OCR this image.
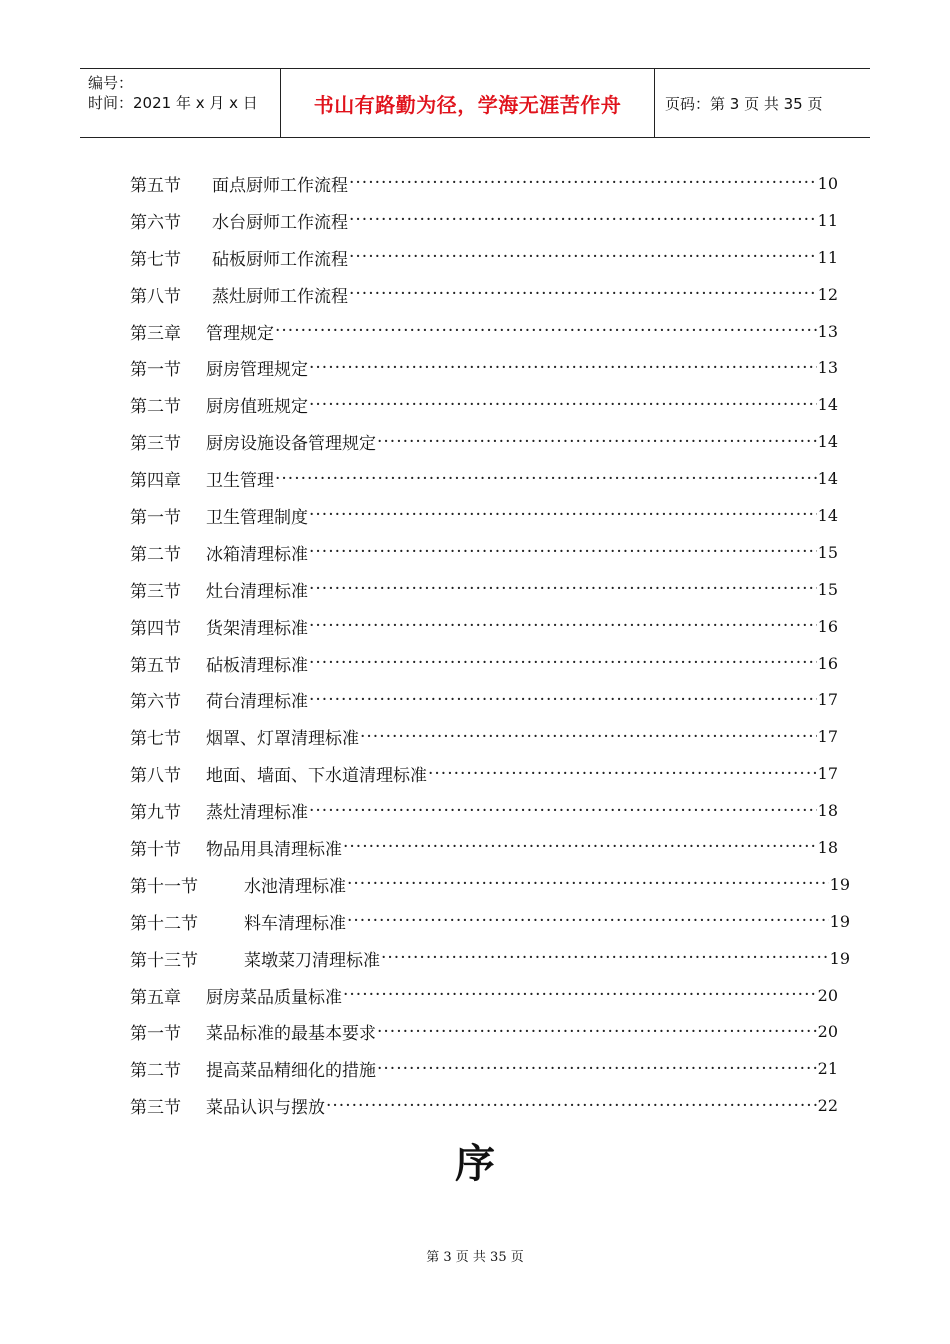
编号：
时间：2021 年 x 月 x 日	书山有路勤为径，学海无涯苦作舟	页码：第 3 页 共 35 页
第五节	面点厨师工作流程 ·····	10
第六节	水台厨师工作流程 ·····	11
第七节	砧板厨师工作流程 ·····	11
第八节	蒸灶厨师工作流程 ·····	12
第三章	管理规定 ·····	13
第一节	厨房管理规定 ·····	13
第二节	厨房值班规定 ·····	14
第三节	厨房设施设备管理规定 ·····	14
第四章	卫生管理 ·····	14
第一节	卫生管理制度 ·····	14
第二节	冰箱清理标准 ·····	15
第三节	灶台清理标准 ·····	15
第四节	货架清理标准 ·····	16
第五节	砧板清理标准 ·····	16
第六节	荷台清理标准 ·····	17
第七节	烟罩、灯罩清理标准 ·····	17
第八节	地面、墙面、下水道清理标准 ·····	17
第九节	蒸灶清理标准 ·····	18
第十节	物品用具清理标准 ·····	18
第十一节	水池清理标准 ·····	19
第十二节	料车清理标准 ·····	19
第十三节	菜墩菜刀清理标准 ·····	19
第五章	厨房菜品质量标准 ·····	20
第一节	菜品标准的最基本要求 ·····	20
第二节	提高菜品精细化的措施 ·····	21
第三节	菜品认识与摆放 ·····	22
序
第 3 页 共 35 页
